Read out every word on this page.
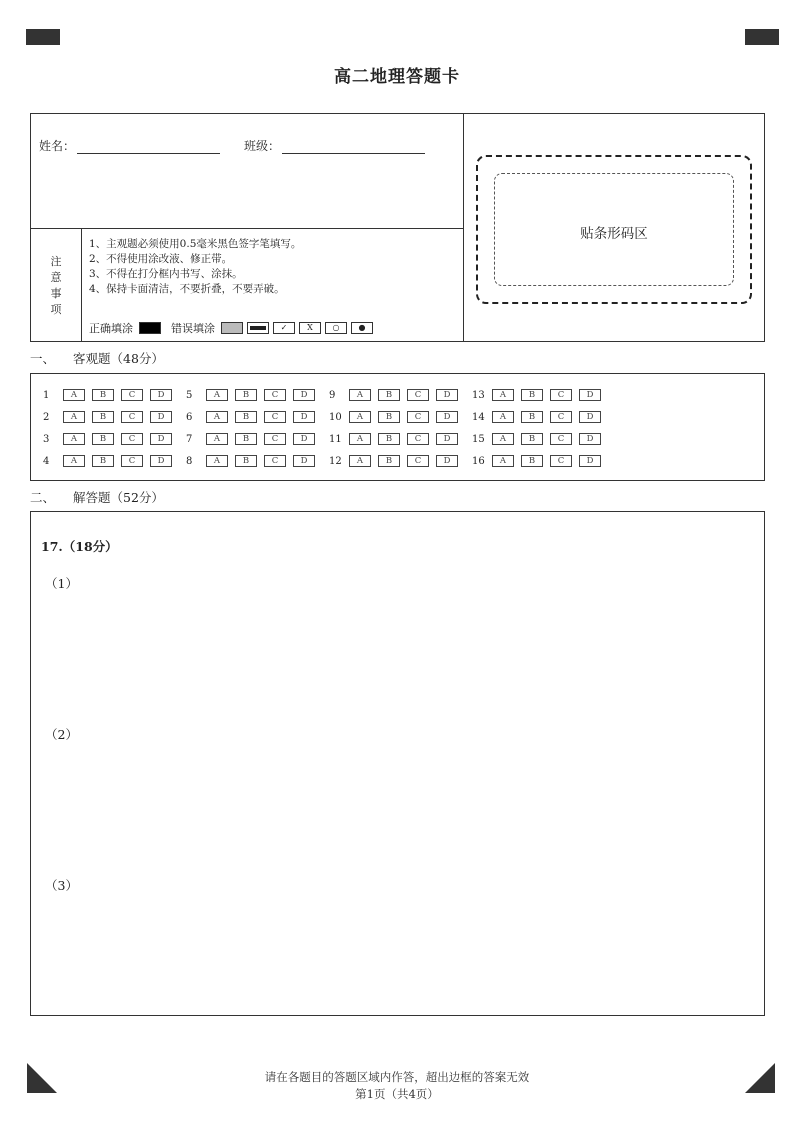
高二地理答题卡
姓名：	班级：
注
意
事
项
1、主观题必须使用0.5毫米黑色签字笔填写。
2、不得使用涂改液、修正带。
3、不得在打分框内书写、涂抹。
4、保持卡面清洁，不要折叠，不要弄破。
正确填涂	错误填涂	✓	X	○	●
贴条形码区
一、 客观题（48分）
1	A	B	C	D	5	A	B	C	D	9	A	B	C	D	13	A	B	C	D
2	A	B	C	D	6	A	B	C	D	10	A	B	C	D	14	A	B	C	D
3	A	B	C	D	7	A	B	C	D	11	A	B	C	D	15	A	B	C	D
4	A	B	C	D	8	A	B	C	D	12	A	B	C	D	16	A	B	C	D
二、 解答题（52分）
17.（18分）
（1）
（2）
（3）
请在各题目的答题区域内作答，超出边框的答案无效
第1页（共4页）
